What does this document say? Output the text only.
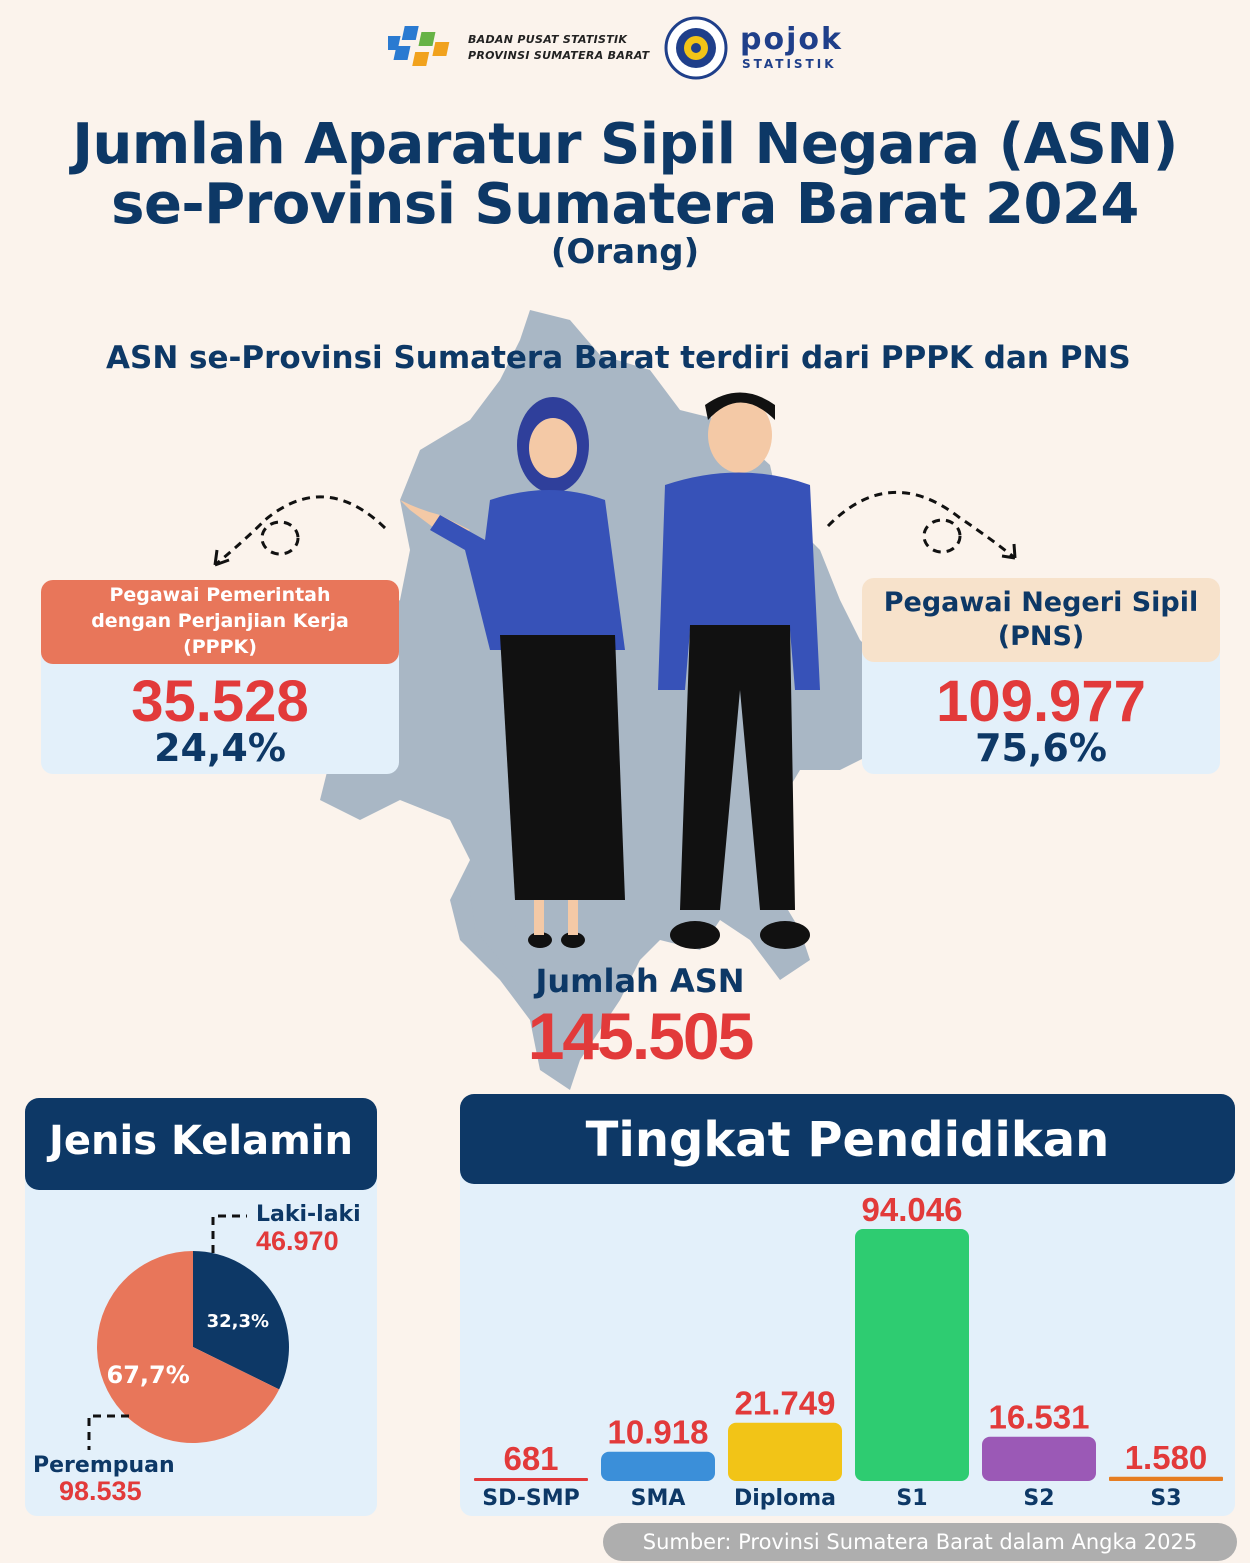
BADAN PUSAT STATISTIK
PROVINSI SUMATERA BARAT	pojok
STATISTIK
Jumlah Aparatur Sipil Negara (ASN)
se-Provinsi Sumatera Barat 2024
(Orang)
ASN se-Provinsi Sumatera Barat terdiri dari PPPK dan PNS
Pegawai Pemerintah
dengan Perjanjian Kerja
(PPPK)
35.528
24,4%
Pegawai Negeri Sipil
(PNS)
109.977
75,6%
Jumlah ASN
145.505
Jenis Kelamin
32,3%
67,7%
Laki-laki
46.970
Perempuan
98.535
Tingkat Pendidikan
681
SD-SMP
10.918
SMA
21.749
Diploma
94.046
S1
16.531
S2
1.580
S3
Sumber: Provinsi Sumatera Barat dalam Angka 2025
